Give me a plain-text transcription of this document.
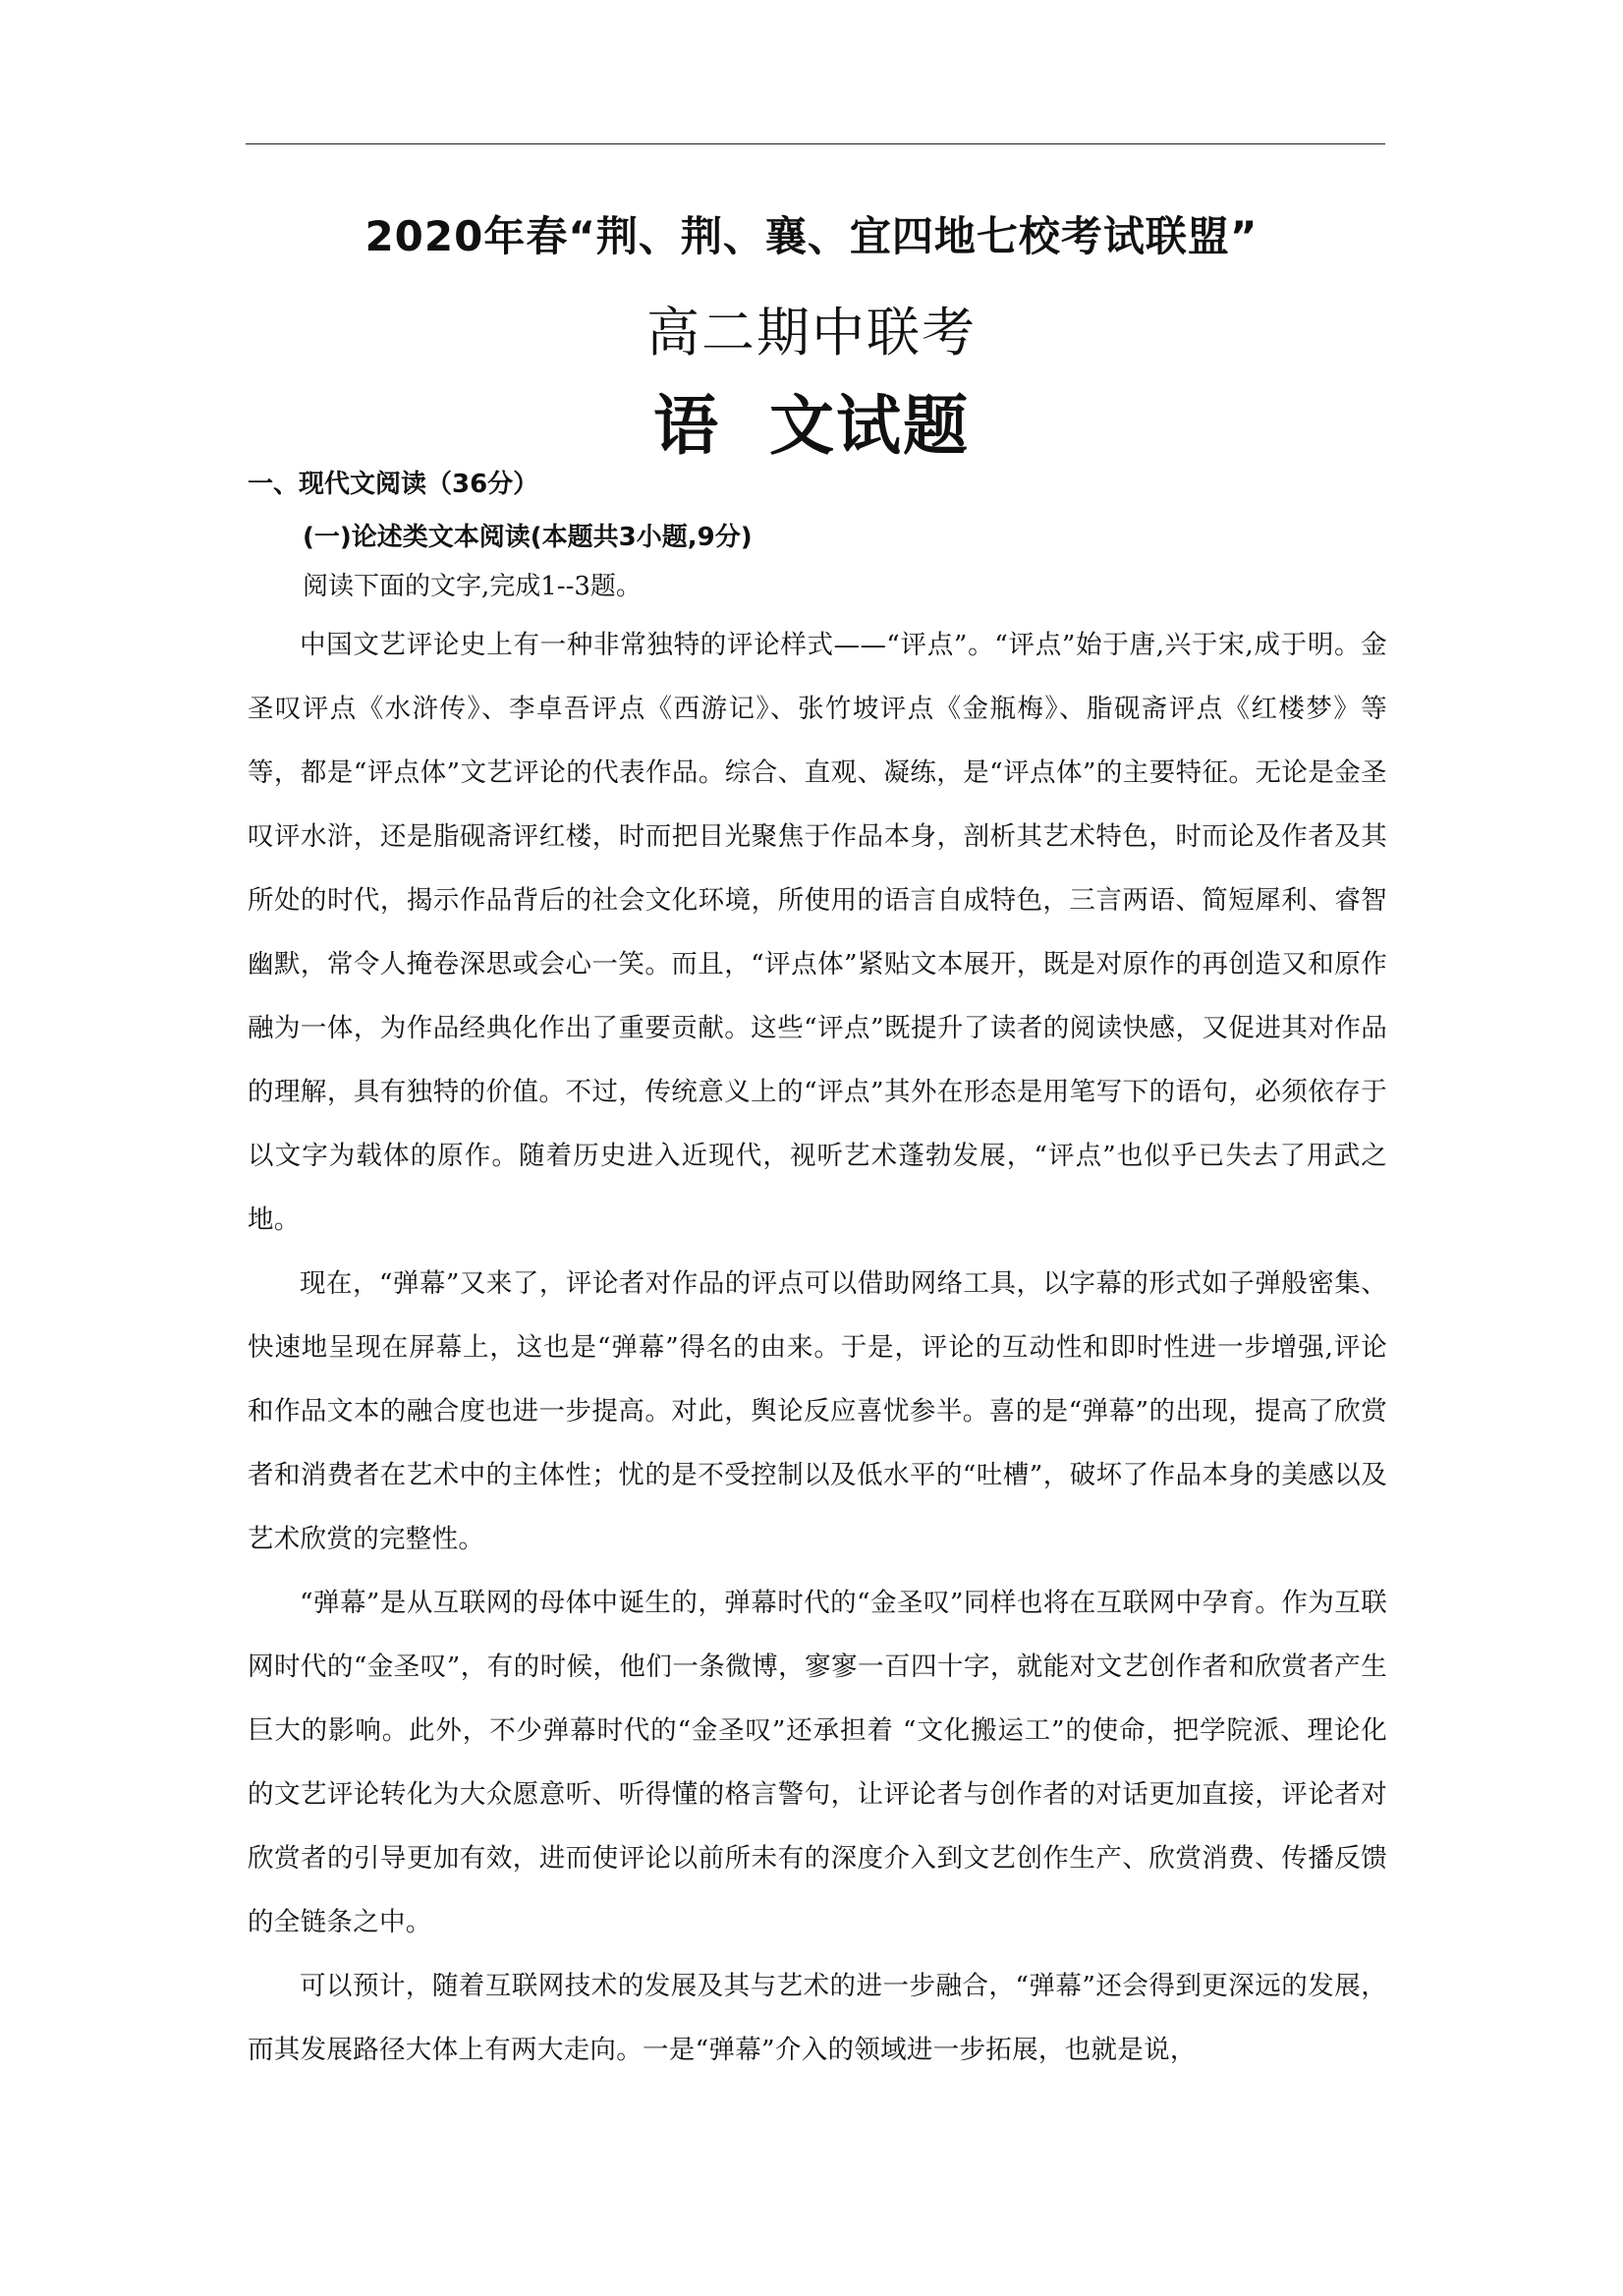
2020年春“荆、荆、襄、宜四地七校考试联盟”
高二期中联考
语  文试题
一、现代文阅读（36分）
(一)论述类文本阅读(本题共3小题,9分)
阅读下面的文字,完成1--3题。

中国文艺评论史上有一种非常独特的评论样式——“评点”。“评点”始于唐,兴于宋,成于明。金圣叹评点《水浒传》、李卓吾评点《西游记》、张竹坡评点《金瓶梅》、脂砚斋评点《红楼梦》等等，都是“评点体”文艺评论的代表作品。综合、直观、凝练，是“评点体”的主要特征。无论是金圣叹评水浒，还是脂砚斋评红楼，时而把目光聚焦于作品本身，剖析其艺术特色，时而论及作者及其所处的时代，揭示作品背后的社会文化环境，所使用的语言自成特色，三言两语、简短犀利、睿智幽默，常令人掩卷深思或会心一笑。而且，“评点体”紧贴文本展开，既是对原作的再创造又和原作融为一体，为作品经典化作出了重要贡献。这些“评点”既提升了读者的阅读快感，又促进其对作品的理解，具有独特的价值。不过，传统意义上的“评点”其外在形态是用笔写下的语句，必须依存于以文字为载体的原作。随着历史进入近现代，视听艺术蓬勃发展，“评点”也似乎已失去了用武之地。

现在，“弹幕”又来了，评论者对作品的评点可以借助网络工具，以字幕的形式如子弹般密集、快速地呈现在屏幕上，这也是“弹幕”得名的由来。于是，评论的互动性和即时性进一步增强,评论和作品文本的融合度也进一步提高。对此，舆论反应喜忧参半。喜的是“弹幕”的出现，提高了欣赏者和消费者在艺术中的主体性；忧的是不受控制以及低水平的“吐槽”，破坏了作品本身的美感以及艺术欣赏的完整性。

“弹幕”是从互联网的母体中诞生的，弹幕时代的“金圣叹”同样也将在互联网中孕育。作为互联网时代的“金圣叹”，有的时候，他们一条微博，寥寥一百四十字，就能对文艺创作者和欣赏者产生巨大的影响。此外，不少弹幕时代的“金圣叹”还承担着 “文化搬运工”的使命，把学院派、理论化的文艺评论转化为大众愿意听、听得懂的格言警句，让评论者与创作者的对话更加直接，评论者对欣赏者的引导更加有效，进而使评论以前所未有的深度介入到文艺创作生产、欣赏消费、传播反馈的全链条之中。

可以预计，随着互联网技术的发展及其与艺术的进一步融合，“弹幕”还会得到更深远的发展，而其发展路径大体上有两大走向。一是“弹幕”介入的领域进一步拓展，也就是说，
